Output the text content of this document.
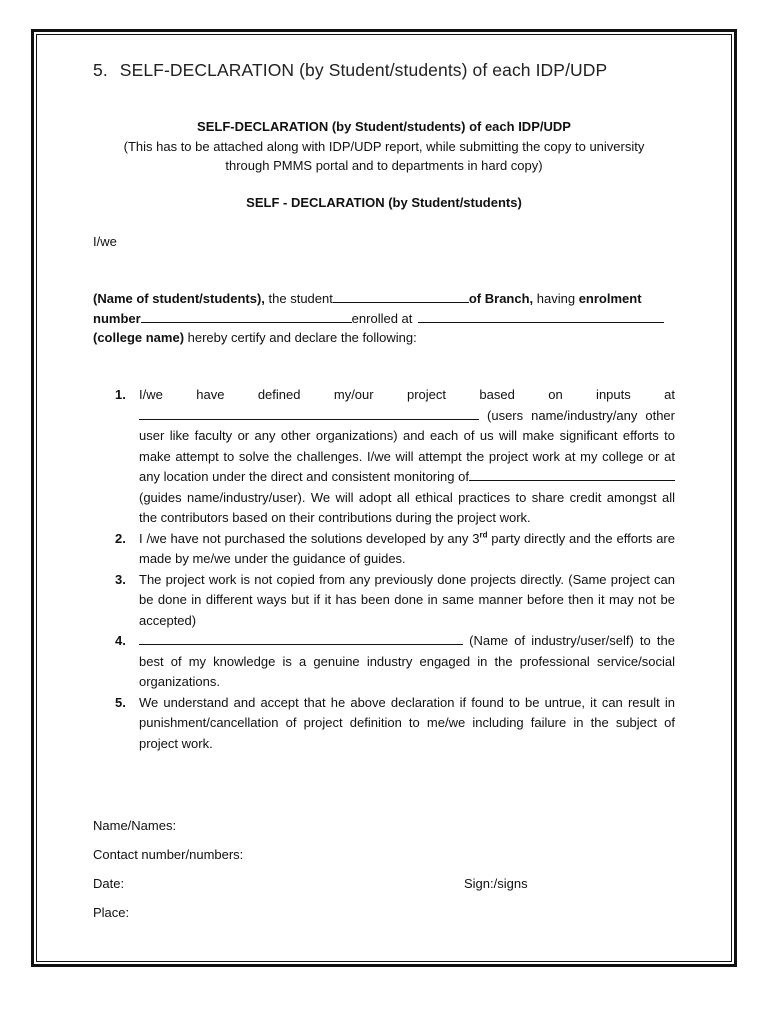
5. SELF-DECLARATION (by Student/students) of each IDP/UDP
SELF-DECLARATION (by Student/students) of each IDP/UDP
(This has to be attached along with IDP/UDP report, while submitting the copy to university
through PMMS portal and to departments in hard copy)
SELF - DECLARATION (by Student/students)
I/we
(Name of student/students), the student	of Branch, having enrolment
number	enrolled at
(college name) hereby certify and declare the following:
1. I/we have defined my/our project based on inputs at  (users name/industry/any other user like faculty or any other organizations) and each of us will make significant efforts to make attempt to solve the challenges. I/we will attempt the project work at my college or at any location under the direct and consistent monitoring of (guides name/industry/user). We will adopt all ethical practices to share credit amongst all the contributors based on their contributions during the project work.
2. I /we have not purchased the solutions developed by any 3rd party directly and the efforts are made by me/we under the guidance of guides.
3. The project work is not copied from any previously done projects directly. (Same project can be done in different ways but if it has been done in same manner before then it may not be accepted)
4.	(Name of industry/user/self) to the best of my knowledge is a genuine industry engaged in the professional service/social organizations.
5. We understand and accept that he above declaration if found to be untrue, it can result in punishment/cancellation of project definition to me/we including failure in the subject of project work.
Name/Names:
Contact number/numbers:
Date:	Sign:/signs
Place:
